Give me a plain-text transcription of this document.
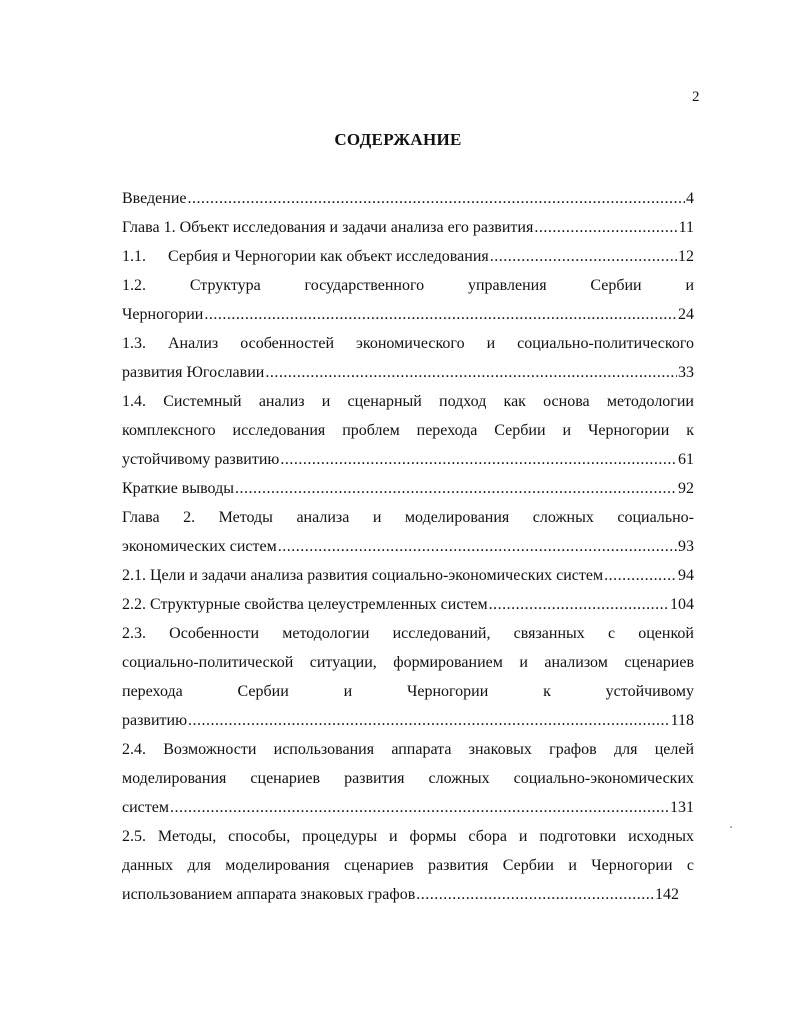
2
СОДЕРЖАНИЕ
Введение .....	4
Глава 1. Объект исследования и задачи анализа его развития .....	11
1.1. Сербия и Черногории как объект исследования .....	12
1.2. Структура государственного управления Сербии и
Черногории .....	24
1.3. Анализ особенностей экономического и социально-политического
развития Югославии .....	33
1.4. Системный анализ и сценарный подход как основа методологии
комплексного исследования проблем перехода Сербии и Черногории к
устойчивому развитию .....	61
Краткие выводы .....	92
Глава 2. Методы анализа и моделирования сложных социально-
экономических систем .....	93
2.1. Цели и задачи анализа развития социально-экономических систем .....	94
2.2. Структурные свойства целеустремленных систем .....	104
2.3. Особенности методологии исследований, связанных с оценкой
социально-политической ситуации, формированием и анализом сценариев
перехода Сербии и Черногории к устойчивому
развитию .....	118
2.4. Возможности использования аппарата знаковых графов для целей
моделирования сценариев развития сложных социально-экономических
систем .....	131
2.5. Методы, способы, процедуры и формы сбора и подготовки исходных
данных для моделирования сценариев развития Сербии и Черногории с
использованием аппарата знаковых графов .....	142
